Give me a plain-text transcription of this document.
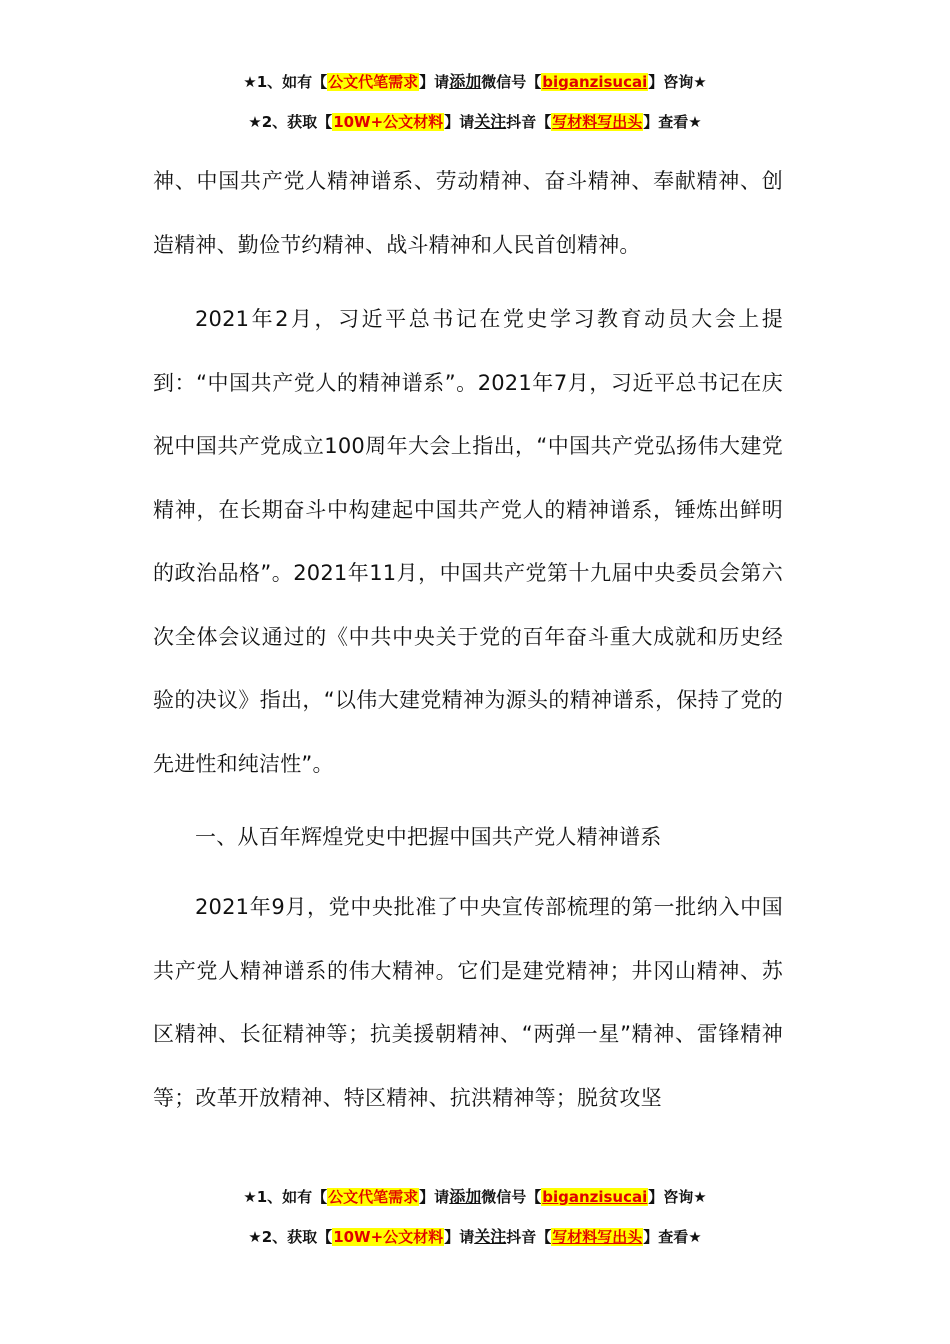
★1、如有【公文代笔需求】请添加微信号【biganzisucai】咨询★
★2、获取【10W+公文材料】请关注抖音【写材料写出头】查看★

神、中国共产党人精神谱系、劳动精神、奋斗精神、奉献精神、创造精神、勤俭节约精神、战斗精神和人民首创精神。

2021年2月，习近平总书记在党史学习教育动员大会上提到：“中国共产党人的精神谱系”。2021年7月，习近平总书记在庆祝中国共产党成立100周年大会上指出，“中国共产党弘扬伟大建党精神，在长期奋斗中构建起中国共产党人的精神谱系，锤炼出鲜明的政治品格”。2021年11月，中国共产党第十九届中央委员会第六次全体会议通过的《中共中央关于党的百年奋斗重大成就和历史经验的决议》指出，“以伟大建党精神为源头的精神谱系，保持了党的先进性和纯洁性”。

一、从百年辉煌党史中把握中国共产党人精神谱系

2021年9月，党中央批准了中央宣传部梳理的第一批纳入中国共产党人精神谱系的伟大精神。它们是建党精神；井冈山精神、苏区精神、长征精神等；抗美援朝精神、“两弹一星”精神、雷锋精神等；改革开放精神、特区精神、抗洪精神等；脱贫攻坚

★1、如有【公文代笔需求】请添加微信号【biganzisucai】咨询★
★2、获取【10W+公文材料】请关注抖音【写材料写出头】查看★
